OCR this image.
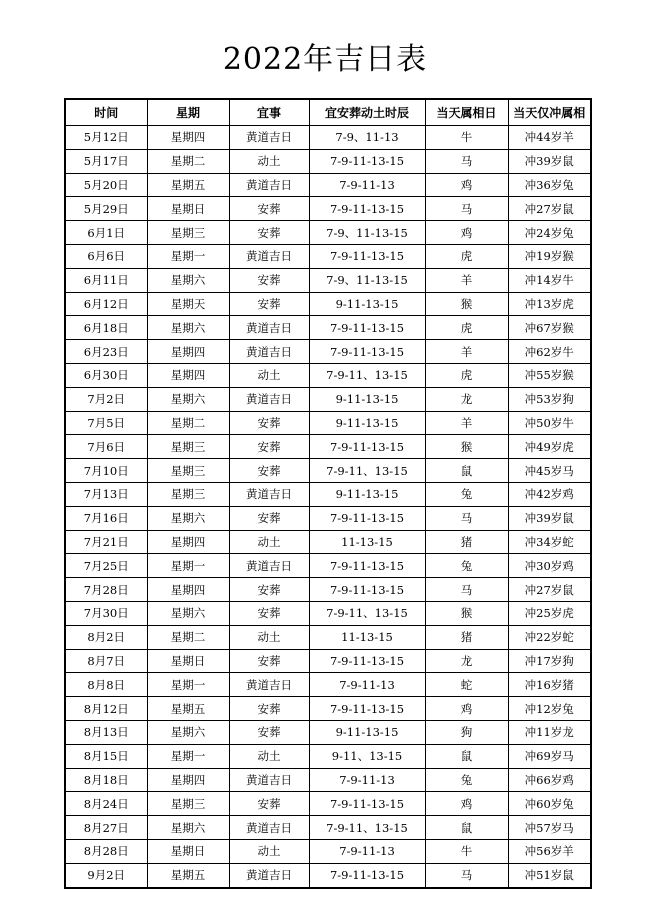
2022年吉日表
时间	星期	宜事	宜安葬动土时辰	当天属相日	当天仅冲属相
5月12日	星期四	黄道吉日	7-9、11-13	牛	冲44岁羊
5月17日	星期二	动土	7-9-11-13-15	马	冲39岁鼠
5月20日	星期五	黄道吉日	7-9-11-13	鸡	冲36岁兔
5月29日	星期日	安葬	7-9-11-13-15	马	冲27岁鼠
6月1日	星期三	安葬	7-9、11-13-15	鸡	冲24岁兔
6月6日	星期一	黄道吉日	7-9-11-13-15	虎	冲19岁猴
6月11日	星期六	安葬	7-9、11-13-15	羊	冲14岁牛
6月12日	星期天	安葬	9-11-13-15	猴	冲13岁虎
6月18日	星期六	黄道吉日	7-9-11-13-15	虎	冲67岁猴
6月23日	星期四	黄道吉日	7-9-11-13-15	羊	冲62岁牛
6月30日	星期四	动土	7-9-11、13-15	虎	冲55岁猴
7月2日	星期六	黄道吉日	9-11-13-15	龙	冲53岁狗
7月5日	星期二	安葬	9-11-13-15	羊	冲50岁牛
7月6日	星期三	安葬	7-9-11-13-15	猴	冲49岁虎
7月10日	星期三	安葬	7-9-11、13-15	鼠	冲45岁马
7月13日	星期三	黄道吉日	9-11-13-15	兔	冲42岁鸡
7月16日	星期六	安葬	7-9-11-13-15	马	冲39岁鼠
7月21日	星期四	动土	11-13-15	猪	冲34岁蛇
7月25日	星期一	黄道吉日	7-9-11-13-15	兔	冲30岁鸡
7月28日	星期四	安葬	7-9-11-13-15	马	冲27岁鼠
7月30日	星期六	安葬	7-9-11、13-15	猴	冲25岁虎
8月2日	星期二	动土	11-13-15	猪	冲22岁蛇
8月7日	星期日	安葬	7-9-11-13-15	龙	冲17岁狗
8月8日	星期一	黄道吉日	7-9-11-13	蛇	冲16岁猪
8月12日	星期五	安葬	7-9-11-13-15	鸡	冲12岁兔
8月13日	星期六	安葬	9-11-13-15	狗	冲11岁龙
8月15日	星期一	动土	9-11、13-15	鼠	冲69岁马
8月18日	星期四	黄道吉日	7-9-11-13	兔	冲66岁鸡
8月24日	星期三	安葬	7-9-11-13-15	鸡	冲60岁兔
8月27日	星期六	黄道吉日	7-9-11、13-15	鼠	冲57岁马
8月28日	星期日	动土	7-9-11-13	牛	冲56岁羊
9月2日	星期五	黄道吉日	7-9-11-13-15	马	冲51岁鼠
